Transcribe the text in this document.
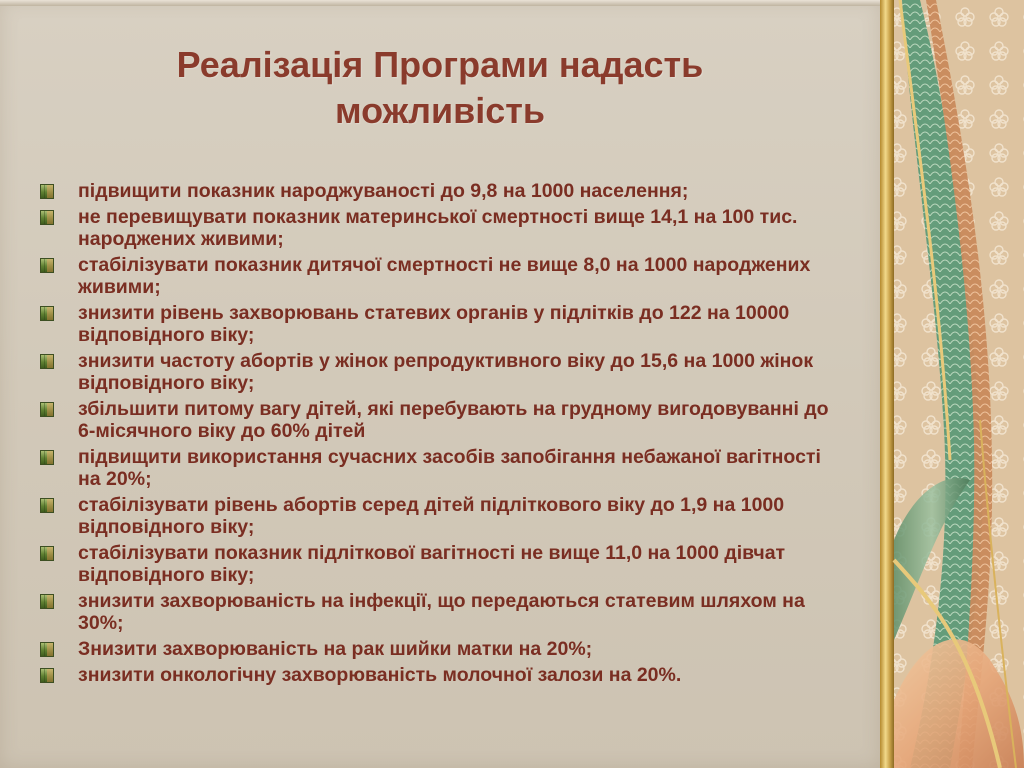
Реалізація Програми надасть
можливість
підвищити показник народжуваності до 9,8 на 1000 населення;
не перевищувати показник материнської смертності вище 14,1 на 100 тис. народжених живими;
стабілізувати показник дитячої смертності не вище 8,0 на 1000 народжених живими;
знизити рівень захворювань статевих органів у підлітків до 122 на 10000 відповідного віку;
знизити частоту абортів у жінок репродуктивного віку до 15,6 на 1000 жінок відповідного віку;
збільшити питому вагу дітей, які перебувають на грудному вигодовуванні до 6-місячного віку до 60% дітей
підвищити використання сучасних засобів запобігання небажаної вагітності на 20%;
стабілізувати рівень абортів серед дітей підліткового віку до 1,9 на 1000 відповідного віку;
стабілізувати показник підліткової вагітності не вище 11,0 на 1000 дівчат відповідного віку;
знизити захворюваність на інфекції, що передаються статевим шляхом на 30%;
Знизити захворюваність на рак шийки матки на 20%;
знизити онкологічну захворюваність молочної залози на 20%.
